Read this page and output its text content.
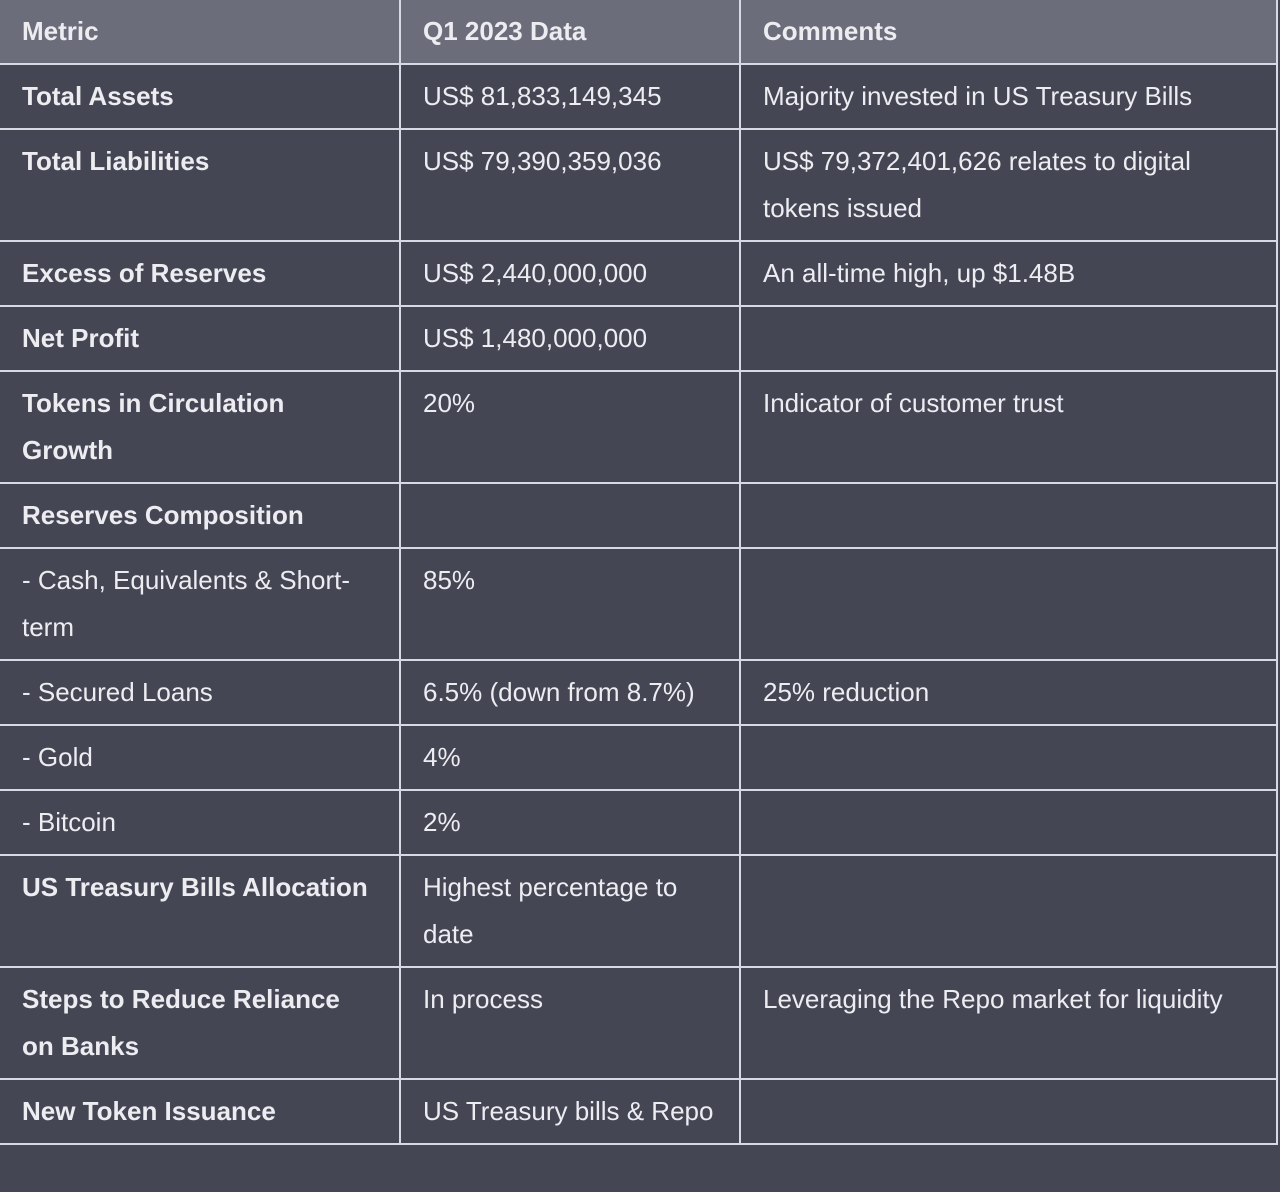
Metric	Q1 2023 Data	Comments
Total Assets	US$ 81,833,149,345	Majority invested in US Treasury Bills
Total Liabilities	US$ 79,390,359,036	US$ 79,372,401,626 relates to digital tokens issued
Excess of Reserves	US$ 2,440,000,000	An all-time high, up $1.48B
Net Profit	US$ 1,480,000,000	
Tokens in Circulation Growth	20%	Indicator of customer trust
Reserves Composition		
- Cash, Equivalents & Short-term	85%	
- Secured Loans	6.5% (down from 8.7%)	25% reduction
- Gold	4%	
- Bitcoin	2%	
US Treasury Bills Allocation	Highest percentage to date	
Steps to Reduce Reliance on Banks	In process	Leveraging the Repo market for liquidity
New Token Issuance	US Treasury bills & Repo	
